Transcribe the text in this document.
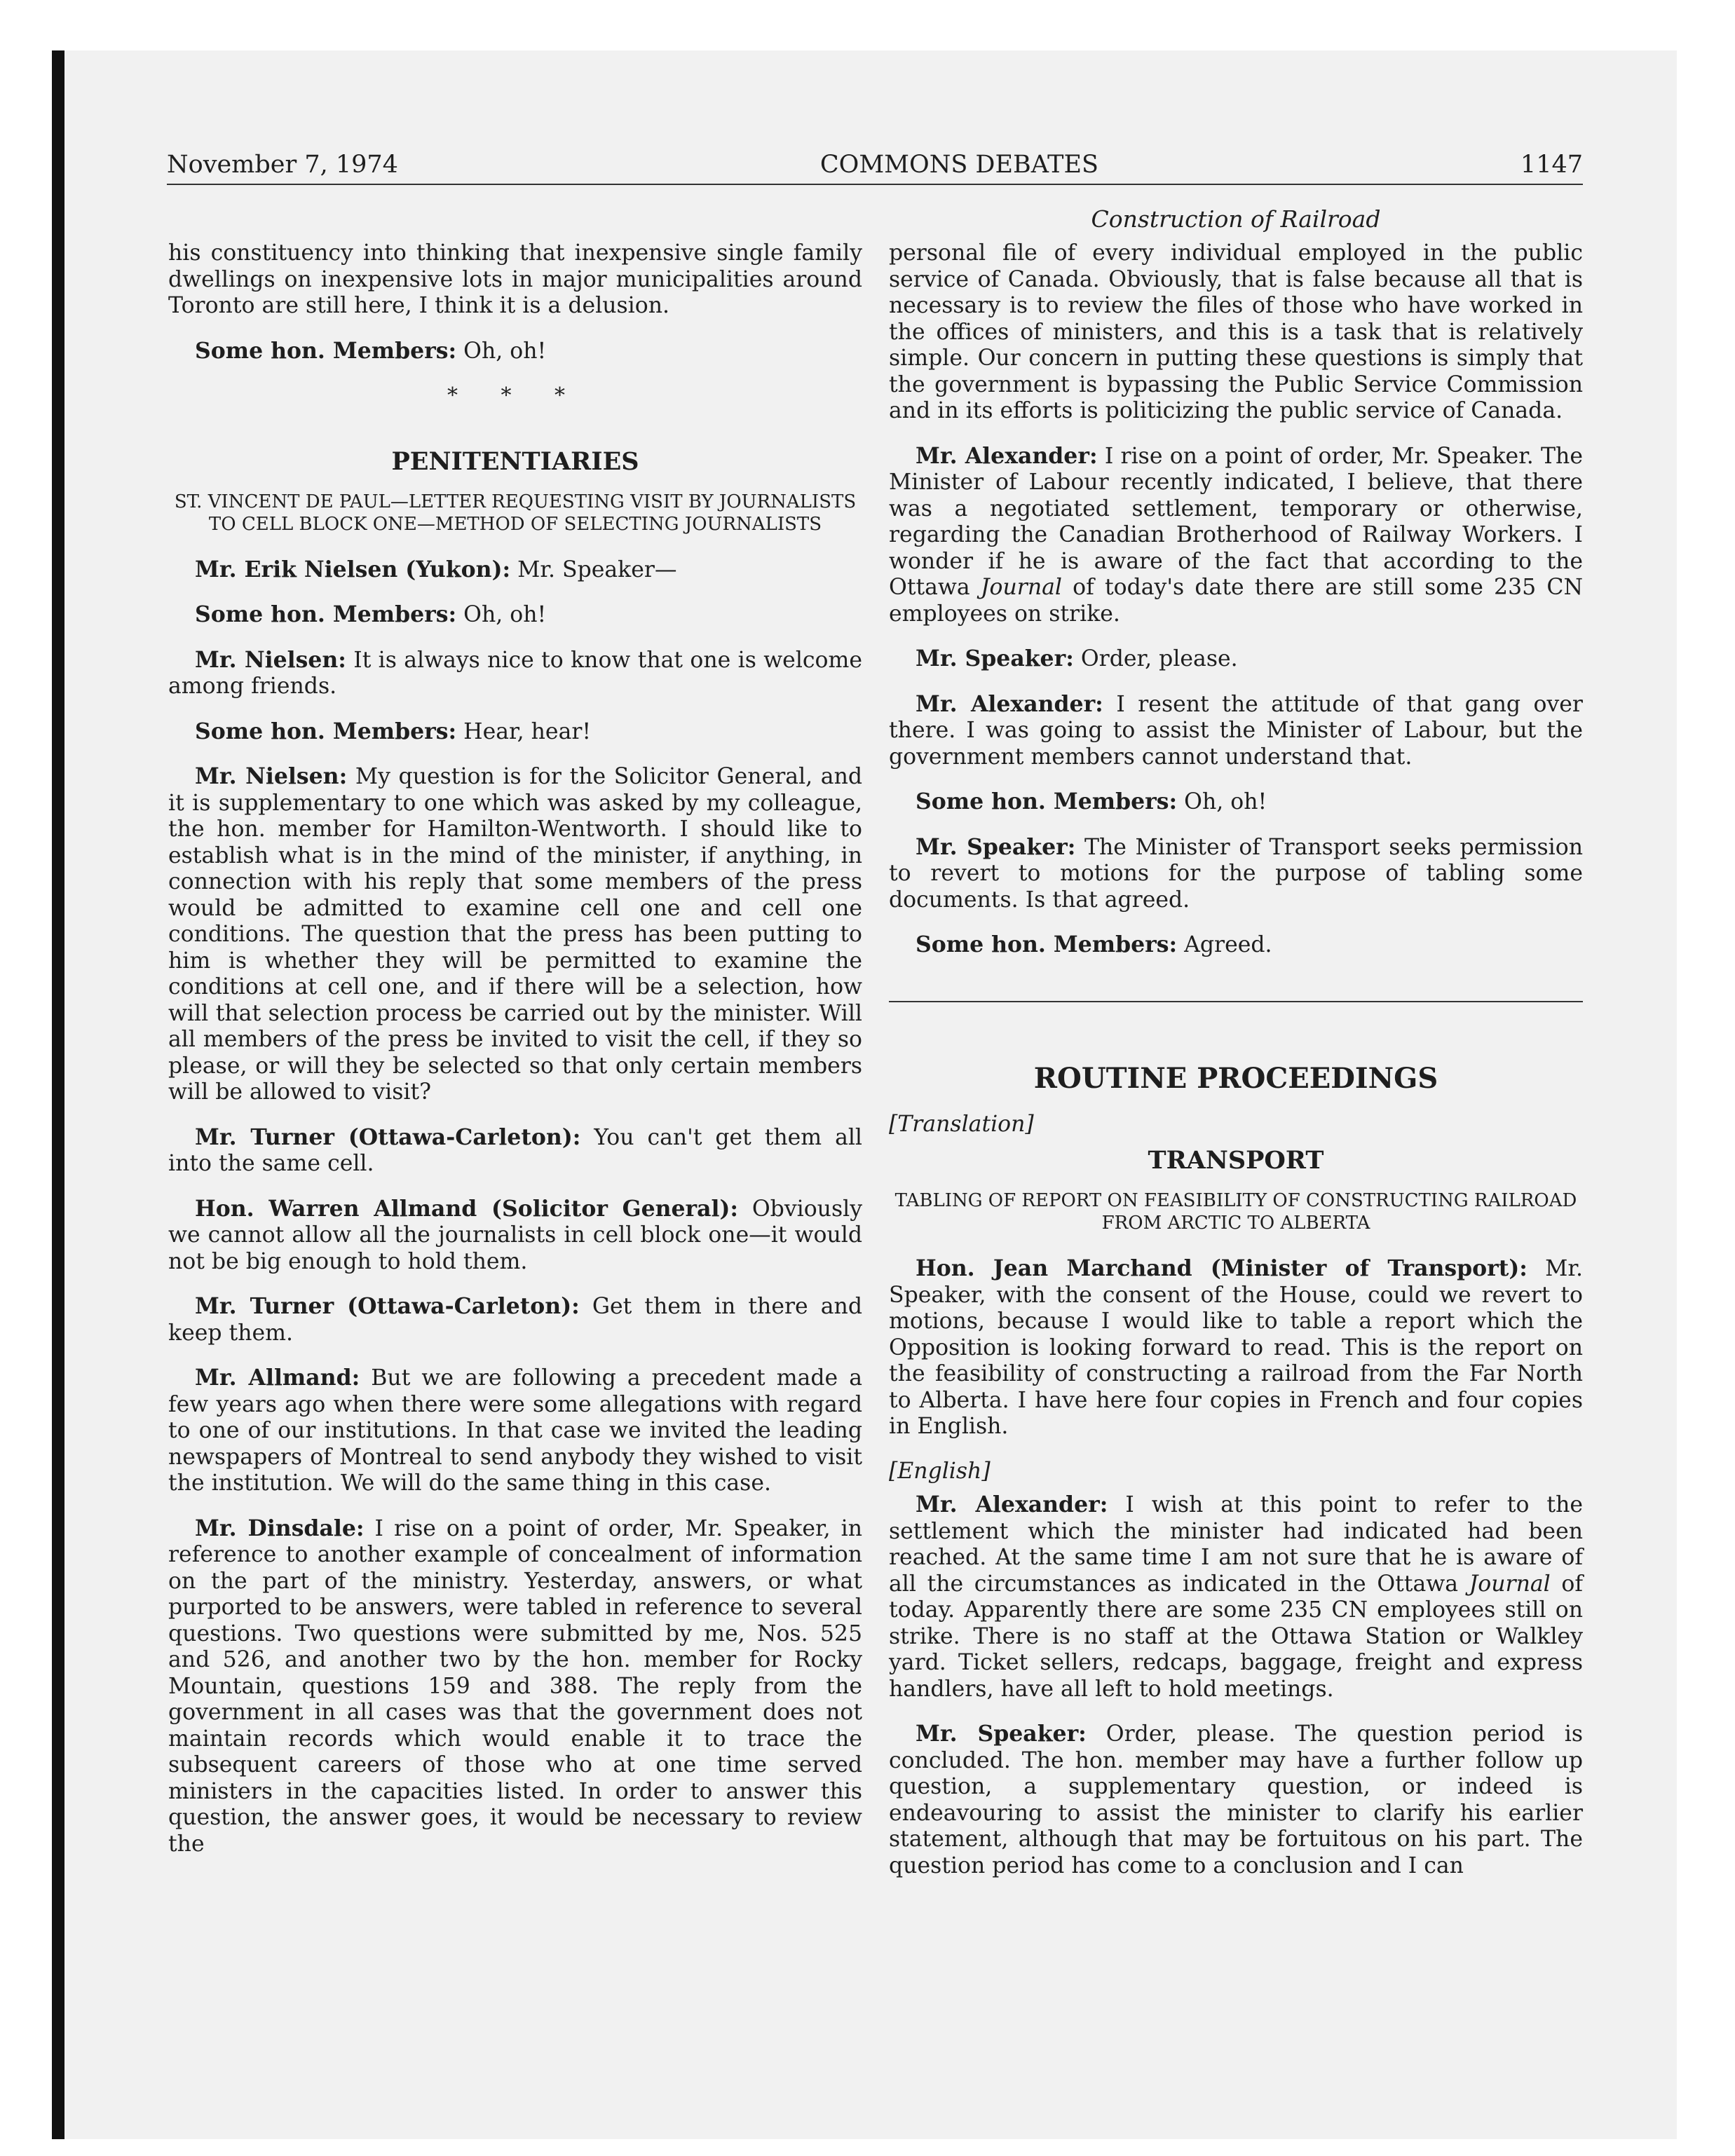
November 7, 1974	COMMONS DEBATES	1147
Construction of Railroad

his constituency into thinking that inexpensive single family dwellings on inexpensive lots in major municipalities around Toronto are still here, I think it is a delusion.

Some hon. Members: Oh, oh!

* * *
PENITENTIARIES
ST. VINCENT DE PAUL—LETTER REQUESTING VISIT BY JOURNALISTS TO CELL BLOCK ONE—METHOD OF SELECTING JOURNALISTS

Mr. Erik Nielsen (Yukon): Mr. Speaker—

Some hon. Members: Oh, oh!

Mr. Nielsen: It is always nice to know that one is welcome among friends.

Some hon. Members: Hear, hear!

Mr. Nielsen: My question is for the Solicitor General, and it is supplementary to one which was asked by my colleague, the hon. member for Hamilton-Wentworth. I should like to establish what is in the mind of the minister, if anything, in connection with his reply that some members of the press would be admitted to examine cell one and cell one conditions. The question that the press has been putting to him is whether they will be permitted to examine the conditions at cell one, and if there will be a selection, how will that selection process be carried out by the minister. Will all members of the press be invited to visit the cell, if they so please, or will they be selected so that only certain members will be allowed to visit?

Mr. Turner (Ottawa-Carleton): You can't get them all into the same cell.

Hon. Warren Allmand (Solicitor General): Obviously we cannot allow all the journalists in cell block one—it would not be big enough to hold them.

Mr. Turner (Ottawa-Carleton): Get them in there and keep them.

Mr. Allmand: But we are following a precedent made a few years ago when there were some allegations with regard to one of our institutions. In that case we invited the leading newspapers of Montreal to send anybody they wished to visit the institution. We will do the same thing in this case.

Mr. Dinsdale: I rise on a point of order, Mr. Speaker, in reference to another example of concealment of information on the part of the ministry. Yesterday, answers, or what purported to be answers, were tabled in reference to several questions. Two questions were submitted by me, Nos. 525 and 526, and another two by the hon. member for Rocky Mountain, questions 159 and 388. The reply from the government in all cases was that the government does not maintain records which would enable it to trace the subsequent careers of those who at one time served ministers in the capacities listed. In order to answer this question, the answer goes, it would be necessary to review the

personal file of every individual employed in the public service of Canada. Obviously, that is false because all that is necessary is to review the files of those who have worked in the offices of ministers, and this is a task that is relatively simple. Our concern in putting these questions is simply that the government is bypassing the Public Service Commission and in its efforts is politicizing the public service of Canada.

Mr. Alexander: I rise on a point of order, Mr. Speaker. The Minister of Labour recently indicated, I believe, that there was a negotiated settlement, temporary or otherwise, regarding the Canadian Brotherhood of Railway Workers. I wonder if he is aware of the fact that according to the Ottawa Journal of today's date there are still some 235 CN employees on strike.

Mr. Speaker: Order, please.

Mr. Alexander: I resent the attitude of that gang over there. I was going to assist the Minister of Labour, but the government members cannot understand that.

Some hon. Members: Oh, oh!

Mr. Speaker: The Minister of Transport seeks permission to revert to motions for the purpose of tabling some documents. Is that agreed.

Some hon. Members: Agreed.

ROUTINE PROCEEDINGS
[Translation]
TRANSPORT
TABLING OF REPORT ON FEASIBILITY OF CONSTRUCTING RAILROAD FROM ARCTIC TO ALBERTA

Hon. Jean Marchand (Minister of Transport): Mr. Speaker, with the consent of the House, could we revert to motions, because I would like to table a report which the Opposition is looking forward to read. This is the report on the feasibility of constructing a railroad from the Far North to Alberta. I have here four copies in French and four copies in English.

[English]

Mr. Alexander: I wish at this point to refer to the settlement which the minister had indicated had been reached. At the same time I am not sure that he is aware of all the circumstances as indicated in the Ottawa Journal of today. Apparently there are some 235 CN employees still on strike. There is no staff at the Ottawa Station or Walkley yard. Ticket sellers, redcaps, baggage, freight and express handlers, have all left to hold meetings.

Mr. Speaker: Order, please. The question period is concluded. The hon. member may have a further follow up question, a supplementary question, or indeed is endeavouring to assist the minister to clarify his earlier statement, although that may be fortuitous on his part. The question period has come to a conclusion and I can
